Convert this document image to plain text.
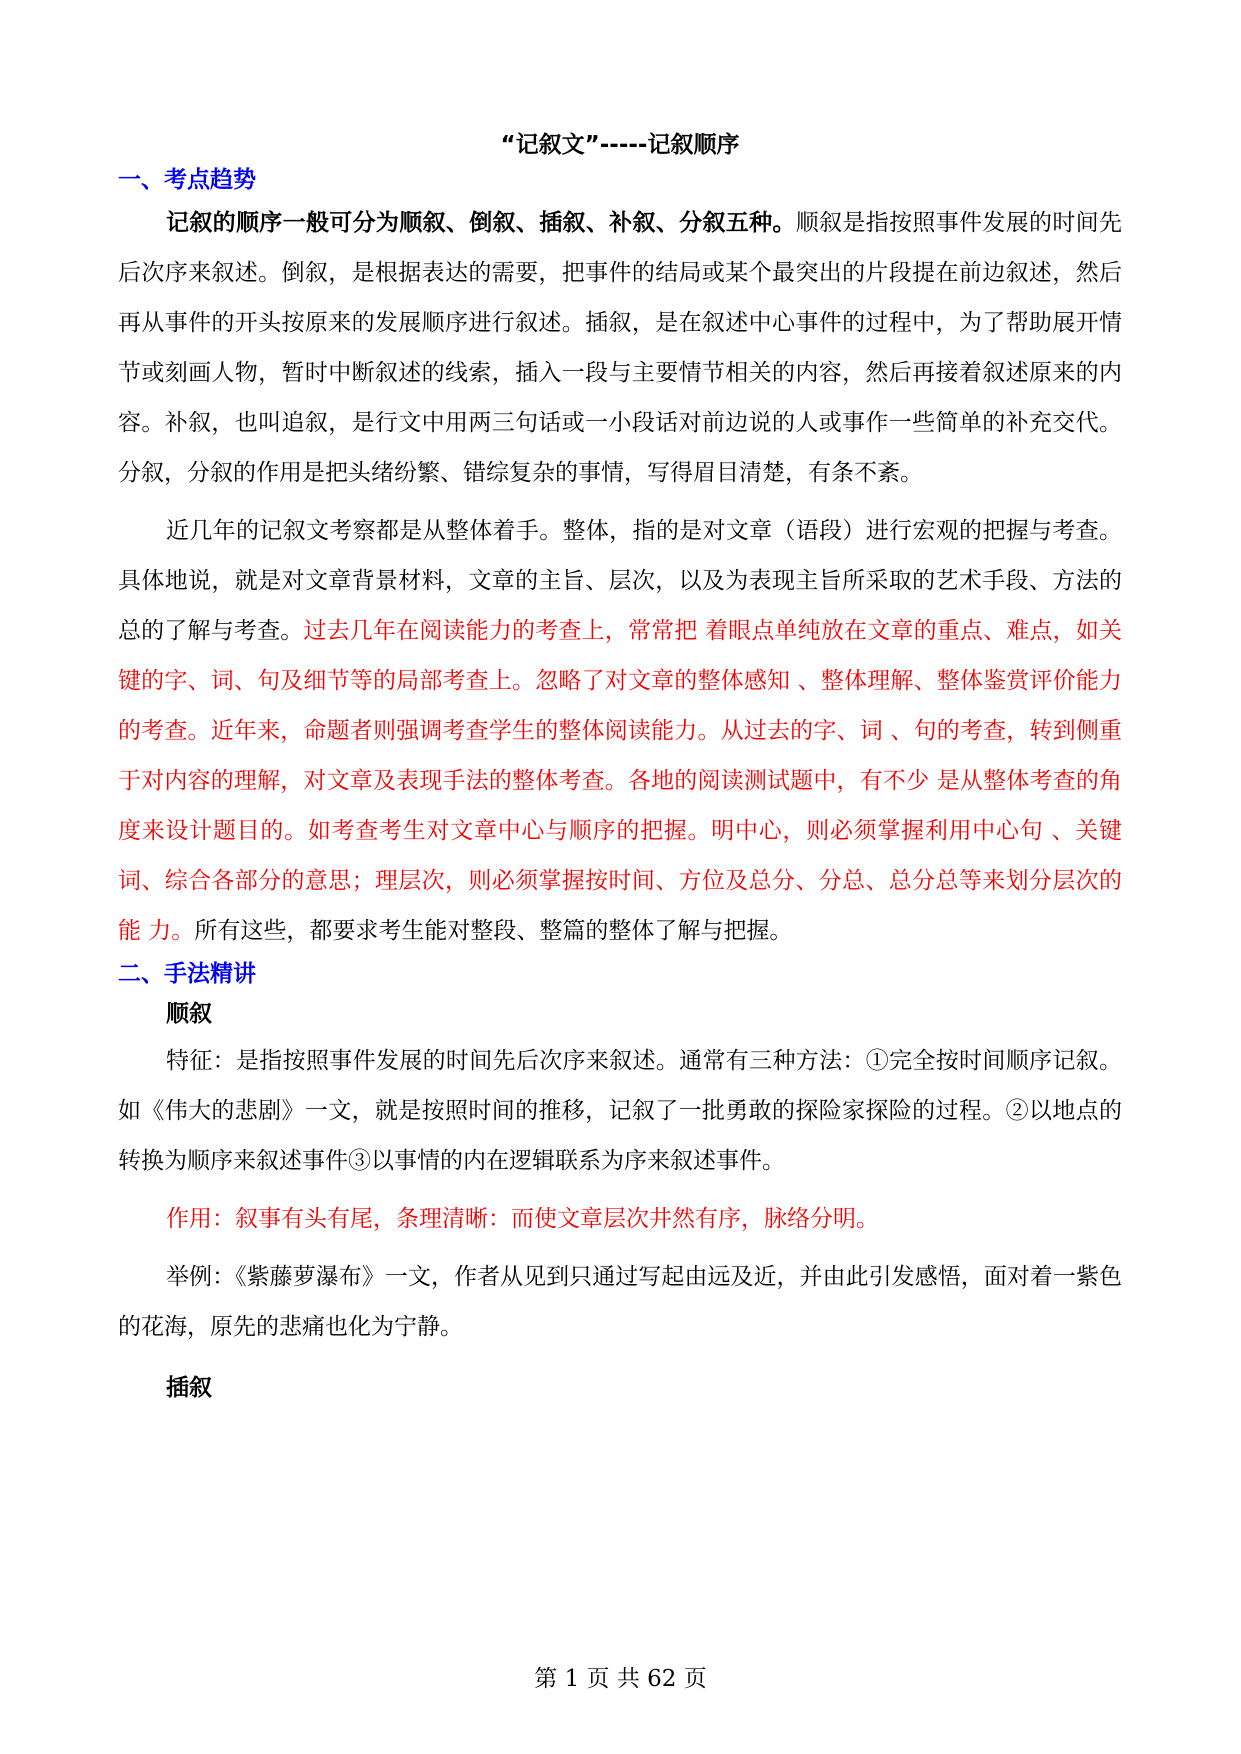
“记叙文”-----记叙顺序
一、考点趋势

记叙的顺序一般可分为顺叙、倒叙、插叙、补叙、分叙五种。顺叙是指按照事件发展的时间先后次序来叙述。倒叙，是根据表达的需要，把事件的结局或某个最突出的片段提在前边叙述，然后再从事件的开头按原来的发展顺序进行叙述。插叙，是在叙述中心事件的过程中，为了帮助展开情节或刻画人物，暂时中断叙述的线索，插入一段与主要情节相关的内容，然后再接着叙述原来的内容。补叙，也叫追叙，是行文中用两三句话或一小段话对前边说的人或事作一些简单的补充交代。分叙，分叙的作用是把头绪纷繁、错综复杂的事情，写得眉目清楚，有条不紊。

近几年的记叙文考察都是从整体着手。整体，指的是对文章（语段）进行宏观的把握与考查。具体地说，就是对文章背景材料，文章的主旨、层次，以及为表现主旨所采取的艺术手段、方法的总的了解与考查。过去几年在阅读能力的考查上，常常把 着眼点单纯放在文章的重点、难点，如关键的字、词、句及细节等的局部考查上。忽略了对文章的整体感知 、整体理解、整体鉴赏评价能力的考查。近年来，命题者则强调考查学生的整体阅读能力。从过去的字、词 、句的考查，转到侧重于对内容的理解，对文章及表现手法的整体考查。各地的阅读测试题中，有不少 是从整体考查的角度来设计题目的。如考查考生对文章中心与顺序的把握。明中心，则必须掌握利用中心句 、关键词、综合各部分的意思；理层次，则必须掌握按时间、方位及总分、分总、总分总等来划分层次的能 力。所有这些，都要求考生能对整段、整篇的整体了解与把握。

二、手法精讲
顺叙

特征：是指按照事件发展的时间先后次序来叙述。通常有三种方法：①完全按时间顺序记叙。如《伟大的悲剧》一文，就是按照时间的推移，记叙了一批勇敢的探险家探险的过程。②以地点的转换为顺序来叙述事件③以事情的内在逻辑联系为序来叙述事件。

作用：叙事有头有尾，条理清晰：而使文章层次井然有序，脉络分明。

举例：《紫藤萝瀑布》一文，作者从见到只通过写起由远及近，并由此引发感悟，面对着一紫色的花海，原先的悲痛也化为宁静。

插叙
第 1 页 共 62 页
